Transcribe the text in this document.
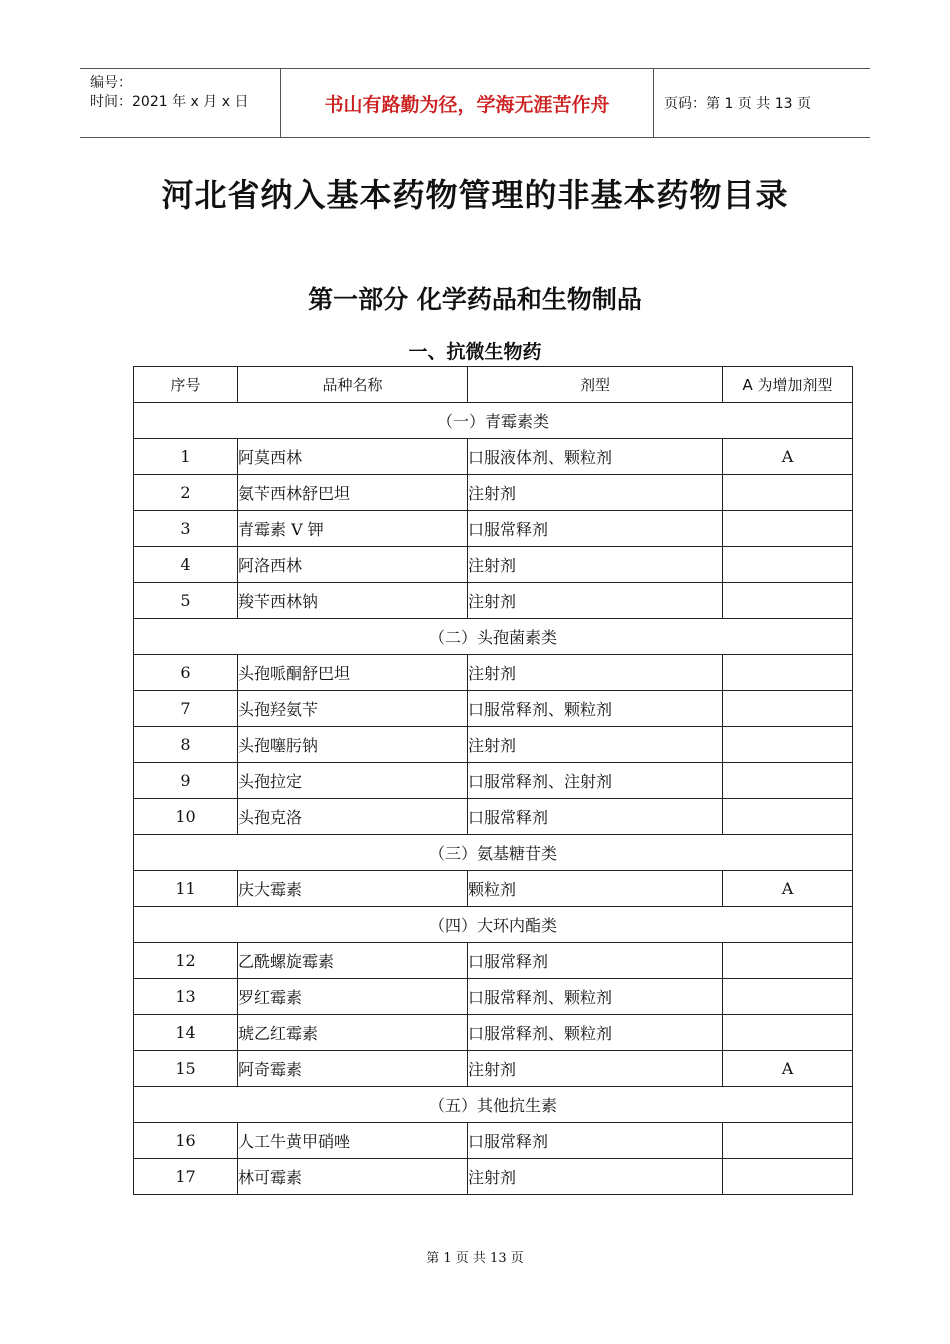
编号：
时间：2021 年 x 月 x 日	书山有路勤为径，学海无涯苦作舟	页码：第 1 页 共 13 页
河北省纳入基本药物管理的非基本药物目录
第一部分 化学药品和生物制品
一、抗微生物药
序号	品种名称	剂型	A 为增加剂型
（一）青霉素类			
1	阿莫西林	口服液体剂、颗粒剂	A
2	氨苄西林舒巴坦	注射剂	
3	青霉素 V 钾	口服常释剂	
4	阿洛西林	注射剂	
5	羧苄西林钠	注射剂	
（二）头孢菌素类			
6	头孢哌酮舒巴坦	注射剂	
7	头孢羟氨苄	口服常释剂、颗粒剂	
8	头孢噻肟钠	注射剂	
9	头孢拉定	口服常释剂、注射剂	
10	头孢克洛	口服常释剂	
（三）氨基糖苷类			
11	庆大霉素	颗粒剂	A
（四）大环内酯类			
12	乙酰螺旋霉素	口服常释剂	
13	罗红霉素	口服常释剂、颗粒剂	
14	琥乙红霉素	口服常释剂、颗粒剂	
15	阿奇霉素	注射剂	A
（五）其他抗生素			
16	人工牛黄甲硝唑	口服常释剂	
17	林可霉素	注射剂	
第 1 页 共 13 页
